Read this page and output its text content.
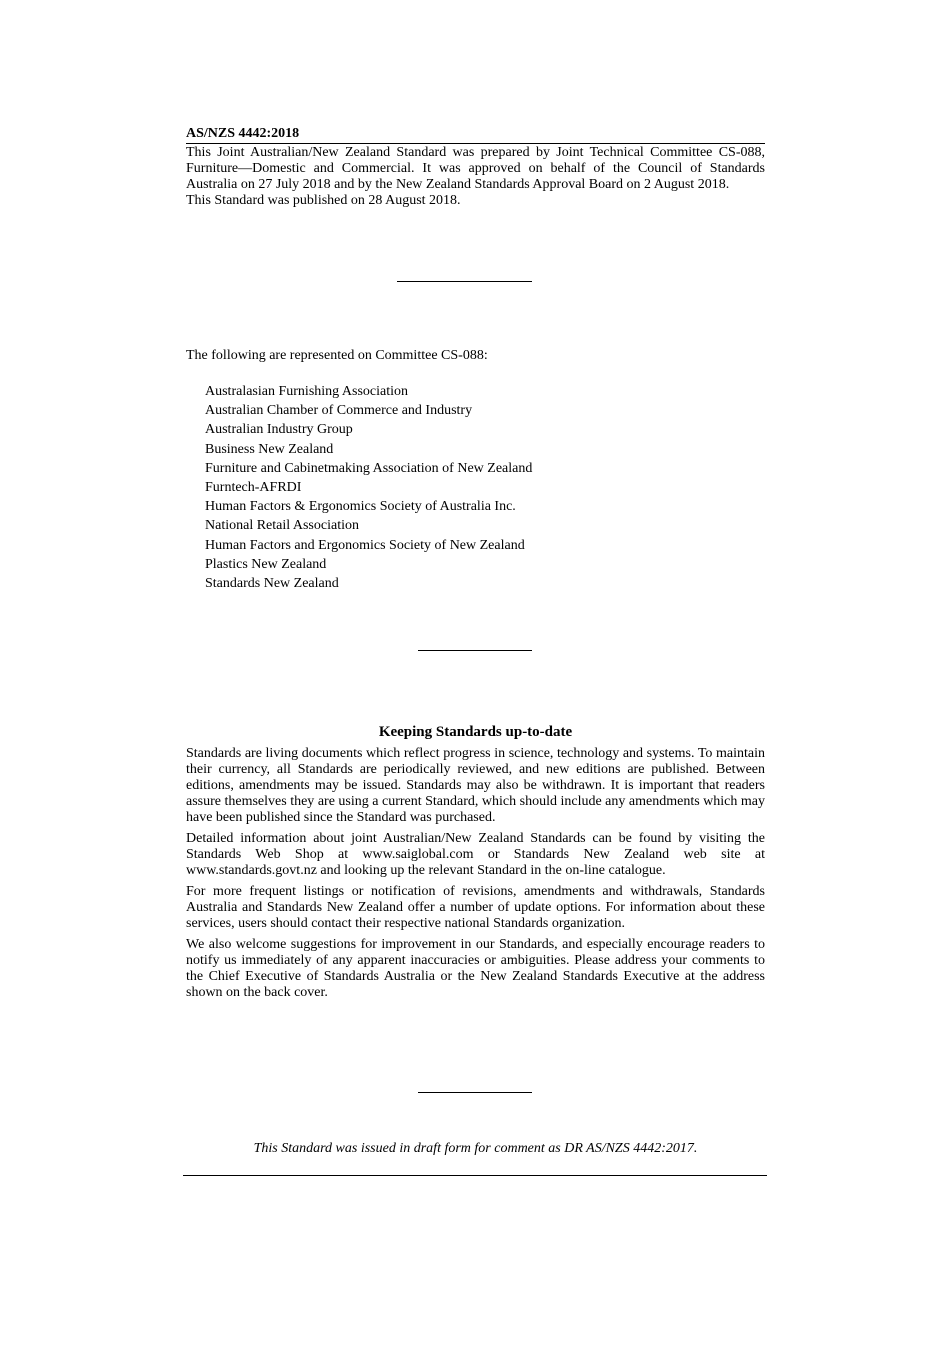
AS/NZS 4442:2018

This Joint Australian/New Zealand Standard was prepared by Joint Technical Committee CS-088, Furniture—Domestic and Commercial. It was approved on behalf of the Council of Standards Australia on 27 July 2018 and by the New Zealand Standards Approval Board on 2 August 2018.

This Standard was published on 28 August 2018.

The following are represented on Committee CS-088:
Australasian Furnishing Association
Australian Chamber of Commerce and Industry
Australian Industry Group
Business New Zealand
Furniture and Cabinetmaking Association of New Zealand
Furntech-AFRDI
Human Factors & Ergonomics Society of Australia Inc.
National Retail Association
Human Factors and Ergonomics Society of New Zealand
Plastics New Zealand
Standards New Zealand
Keeping Standards up-to-date

Standards are living documents which reflect progress in science, technology and systems. To maintain their currency, all Standards are periodically reviewed, and new editions are published. Between editions, amendments may be issued. Standards may also be withdrawn. It is important that readers assure themselves they are using a current Standard, which should include any amendments which may have been published since the Standard was purchased.

Detailed information about joint Australian/New Zealand Standards can be found by visiting the Standards Web Shop at www.saiglobal.com or Standards New Zealand web site at www.standards.govt.nz and looking up the relevant Standard in the on-line catalogue.

For more frequent listings or notification of revisions, amendments and withdrawals, Standards Australia and Standards New Zealand offer a number of update options. For information about these services, users should contact their respective national Standards organization.

We also welcome suggestions for improvement in our Standards, and especially encourage readers to notify us immediately of any apparent inaccuracies or ambiguities. Please address your comments to the Chief Executive of Standards Australia or the New Zealand Standards Executive at the address shown on the back cover.

This Standard was issued in draft form for comment as DR AS/NZS 4442:2017.
